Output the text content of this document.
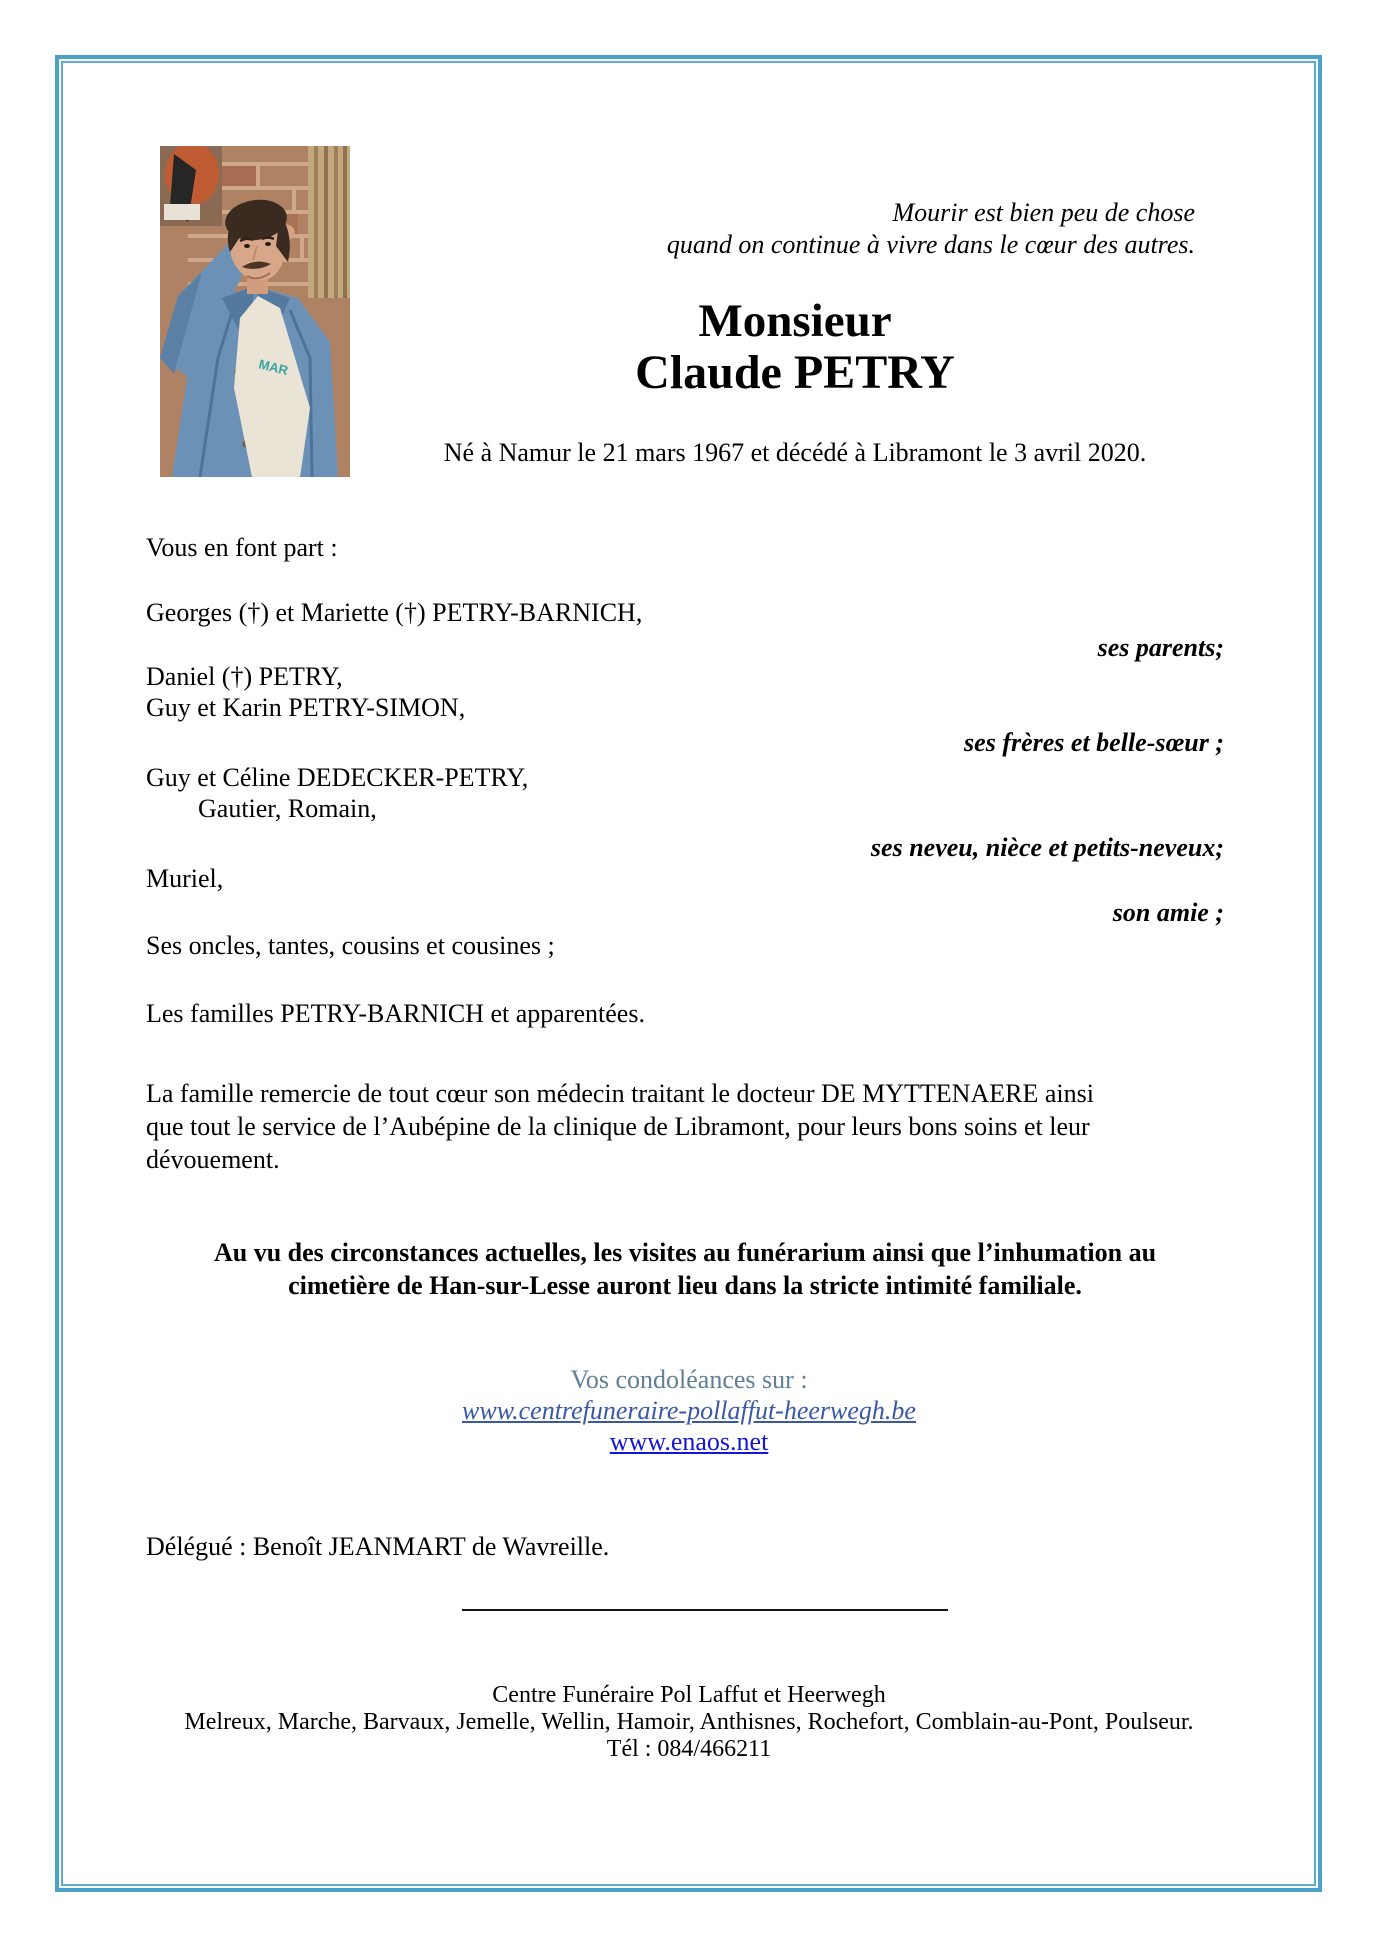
MAR
Mourir est bien peu de chose
quand on continue à vivre dans le cœur des autres.
Monsieur
Claude PETRY
Né à Namur le 21 mars 1967 et décédé à Libramont le 3 avril 2020.
Vous en font part :
Georges (†) et Mariette (†) PETRY-BARNICH,
ses parents;
Daniel (†) PETRY,
Guy et Karin PETRY-SIMON,
ses frères et belle-sœur ;
Guy et Céline DEDECKER-PETRY,
Gautier, Romain,
ses neveu, nièce et petits-neveux;
Muriel,
son amie ;
Ses oncles, tantes, cousins et cousines ;
Les familles PETRY-BARNICH et apparentées.
La famille remercie de tout cœur son médecin traitant le docteur DE MYTTENAERE ainsi
que tout le service de l’Aubépine de la clinique de Libramont, pour leurs bons soins et leur
dévouement.
Au vu des circonstances actuelles, les visites au funérarium ainsi que l’inhumation au
cimetière de Han-sur-Lesse auront lieu dans la stricte intimité familiale.
Vos condoléances sur :
www.centrefuneraire-pollaffut-heerwegh.be
www.enaos.net
Délégué : Benoît JEANMART de Wavreille.
Centre Funéraire Pol Laffut et Heerwegh
Melreux, Marche, Barvaux, Jemelle, Wellin, Hamoir, Anthisnes, Rochefort, Comblain-au-Pont, Poulseur.
Tél : 084/466211
